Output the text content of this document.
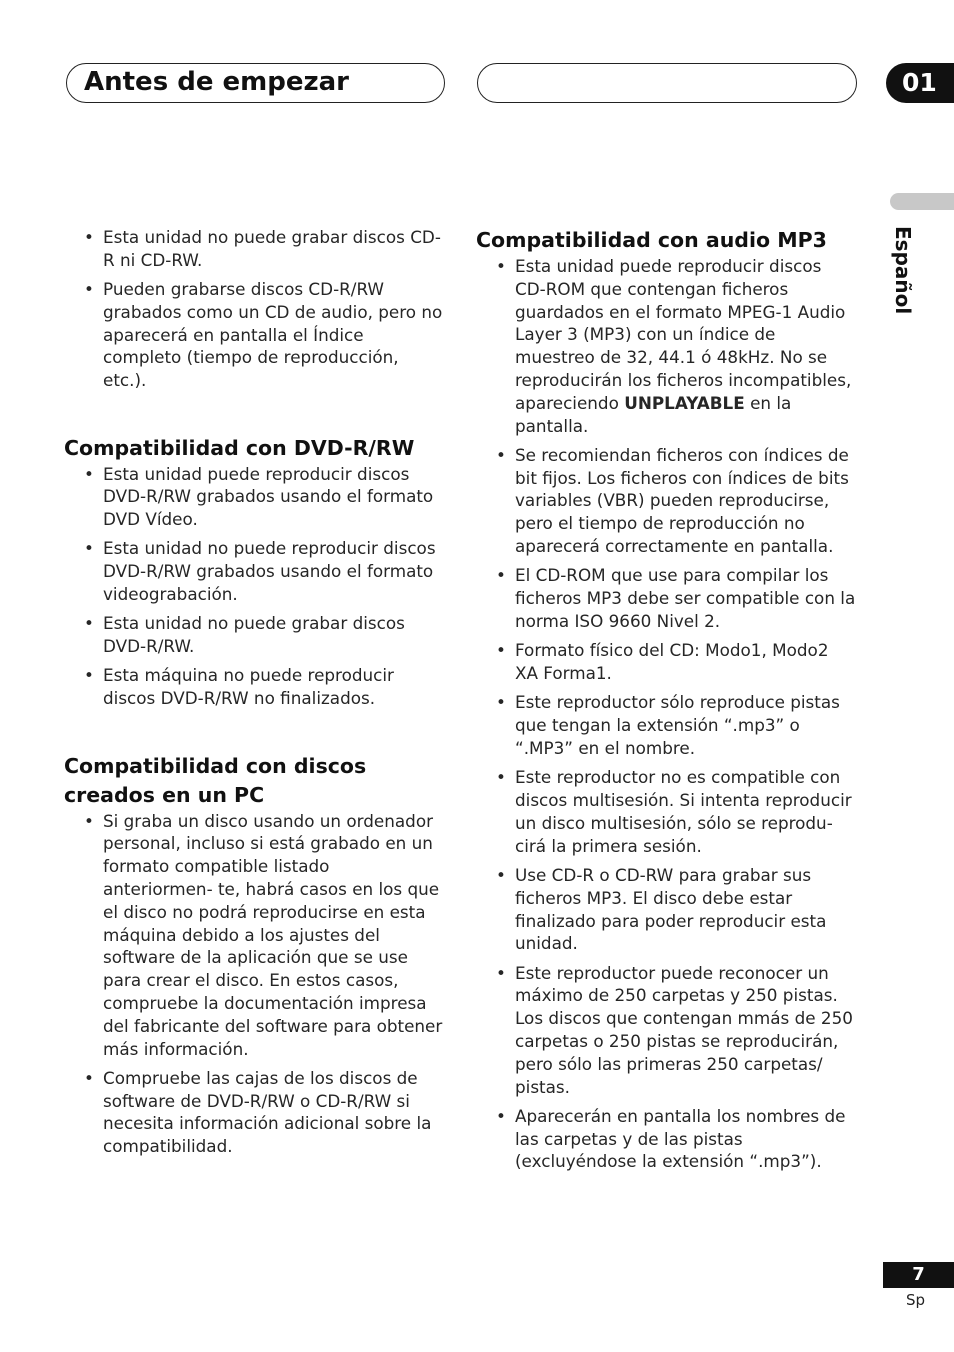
Antes de empezar	01
Español
• Esta unidad no puede grabar discos CD-R ni CD-RW.
• Pueden grabarse discos CD-R/RW grabados como un CD de audio, pero no aparecerá en pantalla el Índice completo (tiempo de reproducción, etc.).
Compatibilidad con DVD-R/RW
• Esta unidad puede reproducir discos DVD-R/RW grabados usando el formato DVD Vídeo.
• Esta unidad no puede reproducir discos DVD-R/RW grabados usando el formato videograbación.
• Esta unidad no puede grabar discos DVD-R/RW.
• Esta máquina no puede reproducir discos DVD-R/RW no finalizados.
Compatibilidad con discos
creados en un PC
• Si graba un disco usando un ordenador personal, incluso si está grabado en un formato compatible listado anteriormen- te, habrá casos en los que el disco no podrá reproducirse en esta máquina debido a los ajustes del software de la aplicación que se use para crear el disco. En estos casos, compruebe la documentación impresa del fabricante del software para obtener más información.
• Compruebe las cajas de los discos de software de DVD-R/RW o CD-R/RW si necesita información adicional sobre la compatibilidad.
Compatibilidad con audio MP3
• Esta unidad puede reproducir discos CD-ROM que contengan ficheros guardados en el formato MPEG-1 Audio Layer 3 (MP3) con un índice de muestreo de 32, 44.1 ó 48kHz. No se reproducirán los ficheros incompatibles, apareciendo UNPLAYABLE en la pantalla.
• Se recomiendan ficheros con índices de bit fijos. Los ficheros con índices de bits variables (VBR) pueden reproducirse, pero el tiempo de reproducción no aparecerá correctamente en pantalla.
• El CD-ROM que use para compilar los ficheros MP3 debe ser compatible con la norma ISO 9660 Nivel 2.
• Formato físico del CD: Modo1, Modo2 XA Forma1.
• Este reproductor sólo reproduce pistas que tengan la extensión “.mp3” o “.MP3” en el nombre.
• Este reproductor no es compatible con discos multisesión. Si intenta reproducir un disco multisesión, sólo se reprodu- cirá la primera sesión.
• Use CD-R o CD-RW para grabar sus ficheros MP3. El disco debe estar finalizado para poder reproducir esta unidad.
• Este reproductor puede reconocer un máximo de 250 carpetas y 250 pistas. Los discos que contengan mmás de 250 carpetas o 250 pistas se reproducirán, pero sólo las primeras 250 carpetas/ pistas.
• Aparecerán en pantalla los nombres de las carpetas y de las pistas (excluyéndose la extensión “.mp3”).
7
Sp
